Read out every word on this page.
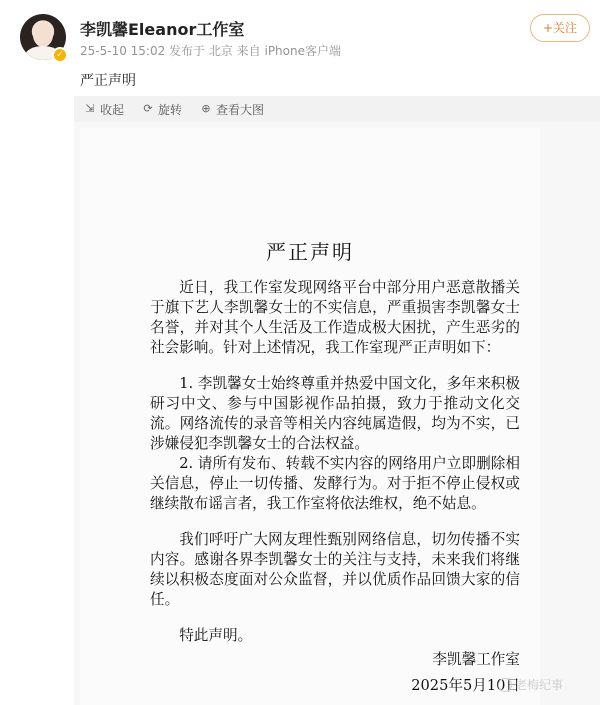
✓
李凯馨Eleanor工作室
25-5-10 15:02 发布于 北京 来自 iPhone客户端
+关注
严正声明
⇲ 收起 ⟳ 旋转 ⊕ 查看大图
严正声明

近日，我工作室发现网络平台中部分用户恶意散播关于旗下艺人李凯馨女士的不实信息，严重损害李凯馨女士名誉，并对其个人生活及工作造成极大困扰，产生恶劣的社会影响。针对上述情况，我工作室现严正声明如下：

1. 李凯馨女士始终尊重并热爱中国文化，多年来积极研习中文、参与中国影视作品拍摄，致力于推动文化交流。网络流传的录音等相关内容纯属造假，均为不实，已涉嫌侵犯李凯馨女士的合法权益。

2. 请所有发布、转载不实内容的网络用户立即删除相关信息，停止一切传播、发酵行为。对于拒不停止侵权或继续散布谣言者，我工作室将依法维权，绝不姑息。

我们呼吁广大网友理性甄别网络信息，切勿传播不实内容。感谢各界李凯馨女士的关注与支持，未来我们将继续以积极态度面对公众监督，并以优质作品回馈大家的信任。

特此声明。

李凯馨工作室
2025年5月10日
老梅纪事
